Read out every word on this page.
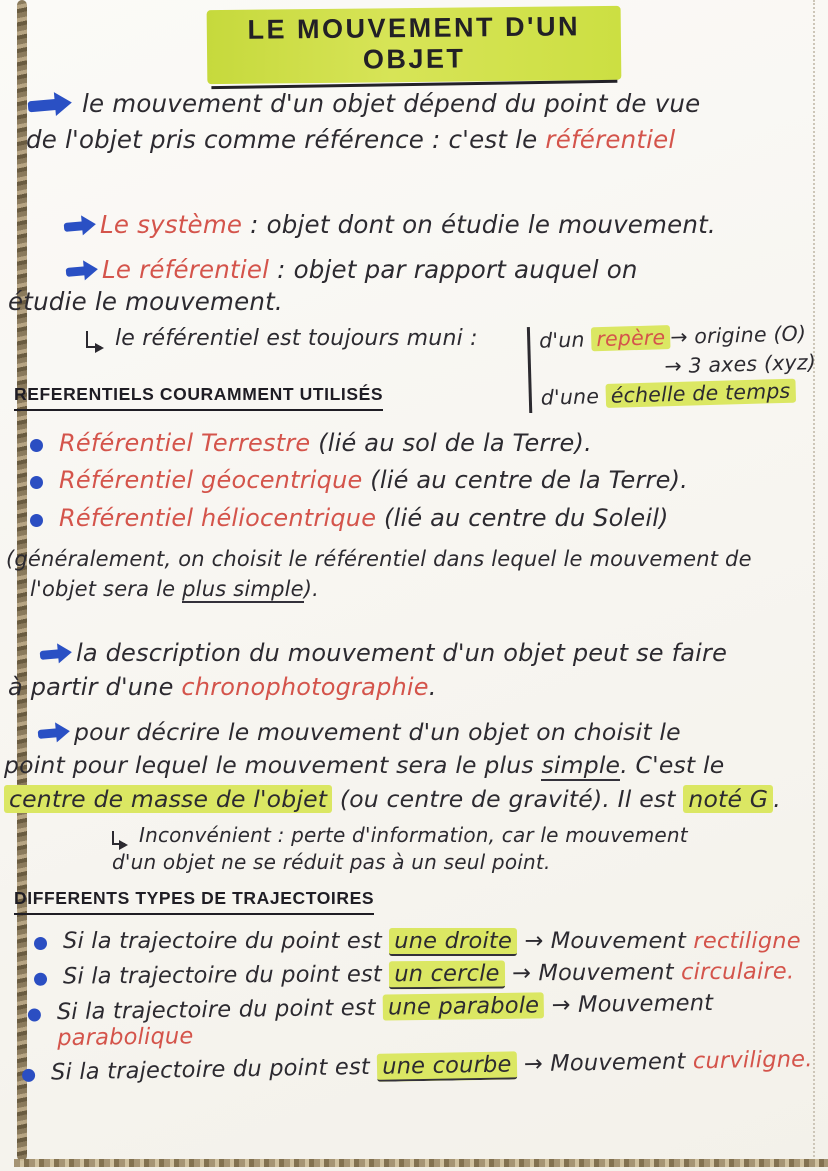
LE MOUVEMENT D'UN OBJET
le mouvement d'un objet dépend du point de vue
de l'objet pris comme référence : c'est le référentiel
Le système : objet dont on étudie le mouvement.
Le référentiel : objet par rapport auquel on
étudie le mouvement.
le référentiel est toujours muni :	d'un repère → origine (O)
→ 3 axes (xyz)
d'une échelle de temps
REFERENTIELS COURAMMENT UTILISÉS
Référentiel Terrestre (lié au sol de la Terre).
Référentiel géocentrique (lié au centre de la Terre).
Référentiel héliocentrique (lié au centre du Soleil)
(généralement, on choisit le référentiel dans lequel le mouvement de
l'objet sera le plus simple).
la description du mouvement d'un objet peut se faire
à partir d'une chronophotographie.
pour décrire le mouvement d'un objet on choisit le
point pour lequel le mouvement sera le plus simple. C'est le
centre de masse de l'objet (ou centre de gravité). Il est noté G .
Inconvénient : perte d'information, car le mouvement
d'un objet ne se réduit pas à un seul point.
DIFFERENTS TYPES DE TRAJECTOIRES
Si la trajectoire du point est une droite → Mouvement rectiligne
Si la trajectoire du point est un cercle → Mouvement circulaire.
Si la trajectoire du point est une parabole → Mouvement parabolique
Si la trajectoire du point est une courbe → Mouvement curviligne.
